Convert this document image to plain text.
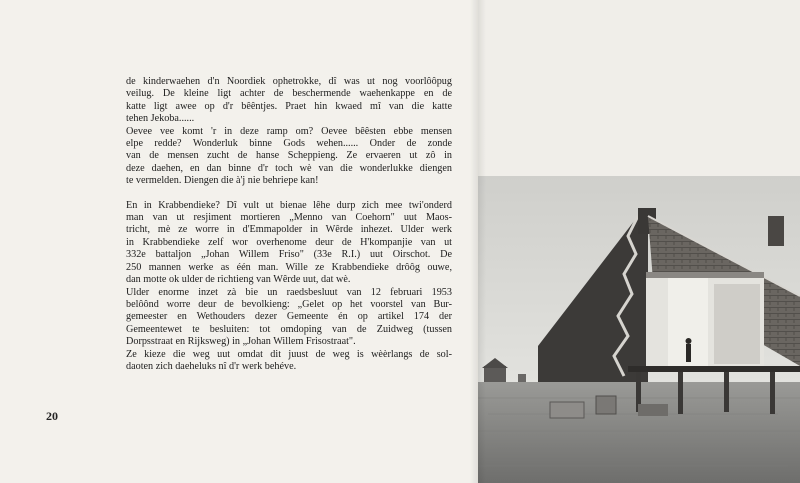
de kinderwaehen d'n Noordiek ophetrokke, dî was ut nog voorlôôpug
veilug. De kleine ligt achter de beschermende waehenkappe en de
katte ligt awee op d'r bêêntjes. Praet hin kwaed mî van die katte
tehen Jekoba......
Oevee vee komt 'r in deze ramp om? Oevee bêêsten ebbe mensen
elpe redde? Wonderluk binne Gods wehen...... Onder de zonde
van de mensen zucht de hanse Scheppieng. Ze ervaeren ut zô in
deze daehen, en dan binne d'r toch wè van die wonderlukke diengen
te vermelden. Diengen die à'j nie behriepe kan!
En in Krabbendieke? Dî vult ut bienae lêhe durp zich mee twi'onderd
man van ut resjiment mortieren „Menno van Coehorn" uut Maos-
tricht, mè ze worre in d'Emmapolder in Wêrde inhezet. Ulder werk
in Krabbendieke zelf wor overhenome deur de H'kompanjie van ut
332e battaljon „Johan Willem Friso" (33e R.I.) uut Oirschot. De
250 mannen werke as één man. Wille ze Krabbendieke drôôg ouwe,
dan motte ok ulder de richtieng van Wêrde uut, dat wè.
Ulder enorme inzet zà bie un raedsbesluut van 12 februari 1953
belôônd worre deur de bevolkieng: „Gelet op het voorstel van Bur-
gemeester en Wethouders dezer Gemeente én op artikel 174 der
Gemeentewet te besluiten: tot omdoping van de Zuidweg (tussen
Dorpsstraat en Rijksweg) in „Johan Willem Frisostraat".
Ze kieze die weg uut omdat dit juust de weg is wèèrlangs de sol-
daoten zich daeheluks nî d'r werk behéve.
20
